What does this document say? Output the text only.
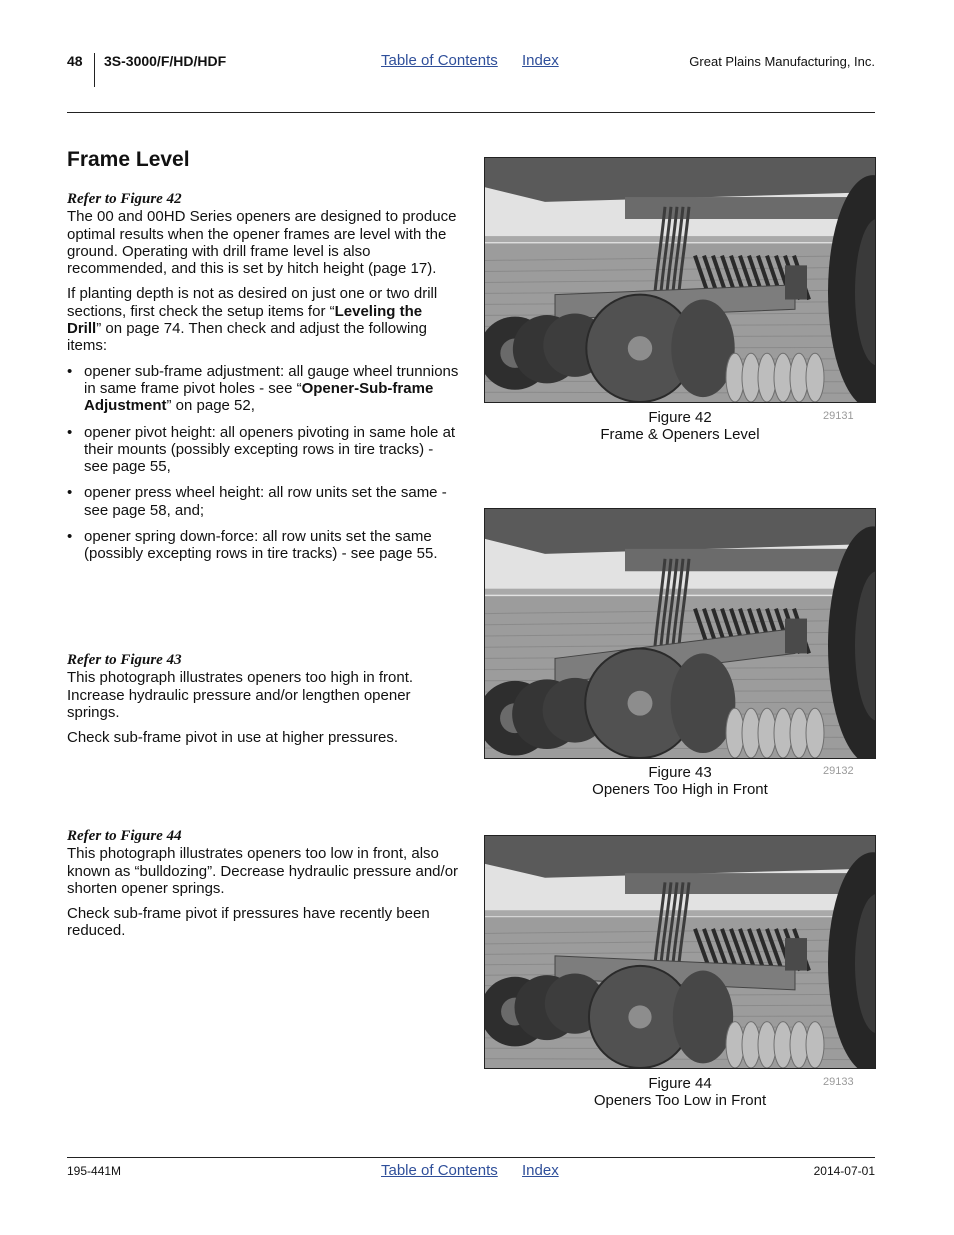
48 3S-3000/F/HD/HDF	Table of Contents Index	Great Plains Manufacturing, Inc.
Frame Level
Refer to Figure 42

The 00 and 00HD Series openers are designed to produce optimal results when the opener frames are level with the ground. Operating with drill frame level is also recommended, and this is set by hitch height (page 17).

If planting depth is not as desired on just one or two drill sections, first check the setup items for “Leveling the Drill” on page 74. Then check and adjust the following items:

• opener sub-frame adjustment: all gauge wheel trunnions in same frame pivot holes - see “Opener-Sub-frame Adjustment” on page 52,
• opener pivot height: all openers pivoting in same hole at their mounts (possibly excepting rows in tire tracks) - see page 55,
• opener press wheel height: all row units set the same - see page 58, and;
• opener spring down-force: all row units set the same (possibly excepting rows in tire tracks) - see page 55.
Refer to Figure 43

This photograph illustrates openers too high in front. Increase hydraulic pressure and/or lengthen opener springs.

Check sub-frame pivot in use at higher pressures.

Refer to Figure 44

This photograph illustrates openers too low in front, also known as “bulldozing”. Decrease hydraulic pressure and/or shorten opener springs.

Check sub-frame pivot if pressures have recently been reduced.

Figure 42
Frame & Openers Level
29131
Figure 43
Openers Too High in Front
29132
Figure 44
Openers Too Low in Front
29133
195-441M	Table of Contents Index	2014-07-01
